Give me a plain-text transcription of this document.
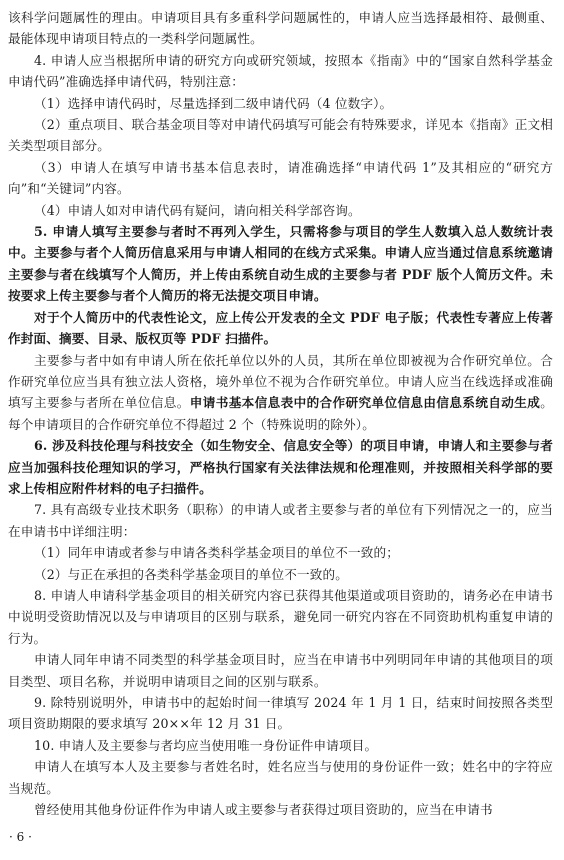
该科学问题属性的理由。申请项目具有多重科学问题属性的，申请人应当选择最相符、最侧重、最能体现申请项目特点的一类科学问题属性。

4. 申请人应当根据所申请的研究方向或研究领域，按照本《指南》中的“国家自然科学基金申请代码”准确选择申请代码，特别注意：

（1）选择申请代码时，尽量选择到二级申请代码（4 位数字）。

（2）重点项目、联合基金项目等对申请代码填写可能会有特殊要求，详见本《指南》正文相关类型项目部分。

（3）申请人在填写申请书基本信息表时，请准确选择“申请代码 1”及其相应的“研究方向”和“关键词”内容。

（4）申请人如对申请代码有疑问，请向相关科学部咨询。

5. 申请人填写主要参与者时不再列入学生，只需将参与项目的学生人数填入总人数统计表中。主要参与者个人简历信息采用与申请人相同的在线方式采集。申请人应当通过信息系统邀请主要参与者在线填写个人简历，并上传由系统自动生成的主要参与者 PDF 版个人简历文件。未按要求上传主要参与者个人简历的将无法提交项目申请。

对于个人简历中的代表性论文，应上传公开发表的全文 PDF 电子版；代表性专著应上传著作封面、摘要、目录、版权页等 PDF 扫描件。

主要参与者中如有申请人所在依托单位以外的人员，其所在单位即被视为合作研究单位。合作研究单位应当具有独立法人资格，境外单位不视为合作研究单位。申请人应当在线选择或准确填写主要参与者所在单位信息。申请书基本信息表中的合作研究单位信息由信息系统自动生成。每个申请项目的合作研究单位不得超过 2 个（特殊说明的除外）。

6. 涉及科技伦理与科技安全（如生物安全、信息安全等）的项目申请，申请人和主要参与者应当加强科技伦理知识的学习，严格执行国家有关法律法规和伦理准则，并按照相关科学部的要求上传相应附件材料的电子扫描件。

7. 具有高级专业技术职务（职称）的申请人或者主要参与者的单位有下列情况之一的，应当在申请书中详细注明：

（1）同年申请或者参与申请各类科学基金项目的单位不一致的；

（2）与正在承担的各类科学基金项目的单位不一致的。

8. 申请人申请科学基金项目的相关研究内容已获得其他渠道或项目资助的，请务必在申请书中说明受资助情况以及与申请项目的区别与联系，避免同一研究内容在不同资助机构重复申请的行为。

申请人同年申请不同类型的科学基金项目时，应当在申请书中列明同年申请的其他项目的项目类型、项目名称，并说明申请项目之间的区别与联系。

9. 除特别说明外，申请书中的起始时间一律填写 2024 年 1 月 1 日，结束时间按照各类型项目资助期限的要求填写 20××年 12 月 31 日。

10. 申请人及主要参与者均应当使用唯一身份证件申请项目。

申请人在填写本人及主要参与者姓名时，姓名应当与使用的身份证件一致；姓名中的字符应当规范。

曾经使用其他身份证件作为申请人或主要参与者获得过项目资助的，应当在申请书

· 6 ·
